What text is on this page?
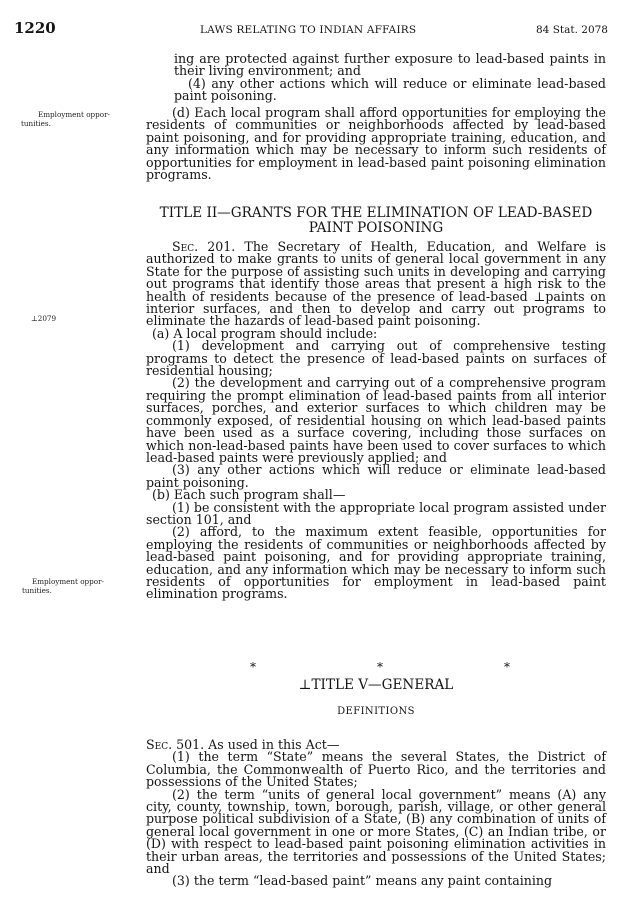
1220	LAWS RELATING TO INDIAN AFFAIRS	84 Stat. 2078
Employment oppor-
tunities.
⊥2079
Employment oppor-
tunities.

ing are protected against further exposure to lead-based paints in their living environment; and

(4) any other actions which will reduce or eliminate lead-based paint poisoning.

(d) Each local program shall afford opportunities for employing the residents of communities or neighborhoods affected by lead-based paint poisoning, and for providing appropriate training, education, and any information which may be necessary to inform such residents of opportunities for employment in lead-based paint poisoning elimination programs.

TITLE II—GRANTS FOR THE ELIMINATION OF LEAD-BASED
PAINT POISONING

Sec. 201. The Secretary of Health, Education, and Welfare is authorized to make grants to units of general local government in any State for the purpose of assisting such units in developing and carrying out programs that identify those areas that present a high risk to the health of residents because of the presence of lead-based ⊥paints on interior surfaces, and then to develop and carry out programs to eliminate the hazards of lead-based paint poisoning.

(a) A local program should include:

(1) development and carrying out of comprehensive testing programs to detect the presence of lead-based paints on surfaces of residential housing;

(2) the development and carrying out of a comprehensive program requiring the prompt elimination of lead-based paints from all interior surfaces, porches, and exterior surfaces to which children may be commonly exposed, of residential housing on which lead-based paints have been used as a surface covering, including those surfaces on which non-lead-based paints have been used to cover surfaces to which lead-based paints were previously applied; and

(3) any other actions which will reduce or eliminate lead-based paint poisoning.

(b) Each such program shall—

(1) be consistent with the appropriate local program assisted under section 101, and

(2) afford, to the maximum extent feasible, opportunities for employing the residents of communities or neighborhoods affected by lead-based paint poisoning, and for providing appropriate training, education, and any information which may be necessary to inform such residents of opportunities for employment in lead-based paint elimination programs.

*	*	*
⊥TITLE V—GENERAL
DEFINITIONS

Sec. 501. As used in this Act—

(1) the term “State” means the several States, the District of Columbia, the Commonwealth of Puerto Rico, and the territories and possessions of the United States;

(2) the term “units of general local government” means (A) any city, county, township, town, borough, parish, village, or other general purpose political subdivision of a State, (B) any combination of units of general local government in one or more States, (C) an Indian tribe, or (D) with respect to lead-based paint poisoning elimination activities in their urban areas, the territories and possessions of the United States; and

(3) the term “lead-based paint” means any paint containing
